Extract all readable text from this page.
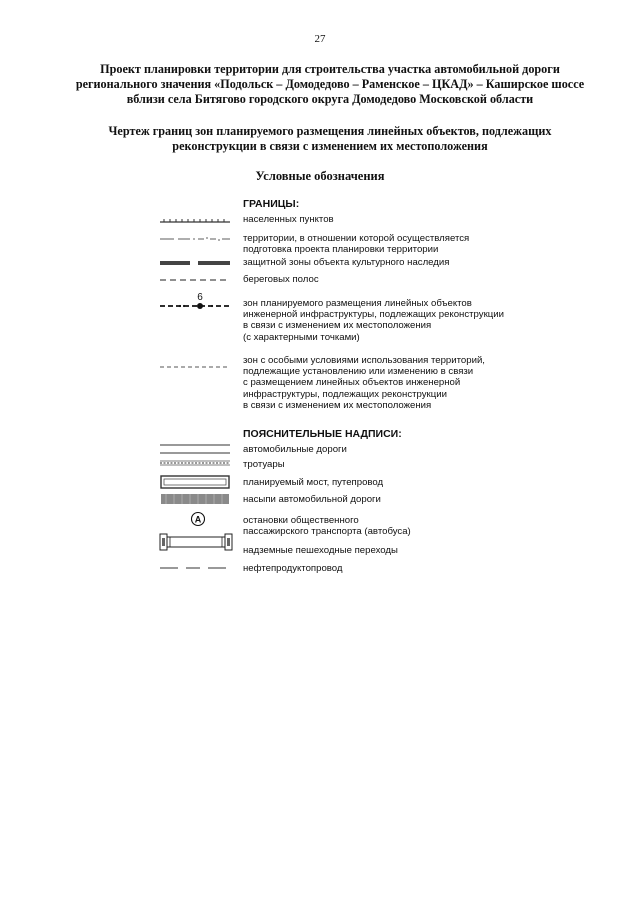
27
Проект планировки территории для строительства участка автомобильной дороги
регионального значения «Подольск – Домодедово – Раменское – ЦКАД» – Каширское шоссе
вблизи села Битягово городского округа Домодедово Московской области
Чертеж границ зон планируемого размещения линейных объектов, подлежащих
реконструкции в связи с изменением их местоположения
Условные обозначения
ГРАНИЦЫ:
населенных пунктов
территории, в отношении которой осуществляется
подготовка проекта планировки территории
защитной зоны объекта культурного наследия
береговых полос
6
зон планируемого размещения линейных объектов
инженерной инфраструктуры, подлежащих реконструкции
в связи с изменением их местоположения
(с характерными точками)
зон с особыми условиями использования территорий,
подлежащие установлению или изменению в связи
с размещением линейных объектов инженерной
инфраструктуры, подлежащих реконструкции
в связи с изменением их местоположения
ПОЯСНИТЕЛЬНЫЕ НАДПИСИ:
автомобильные дороги
тротуары
планируемый мост, путепровод
насыпи автомобильной дороги
А	остановки общественного
пассажирского транспорта (автобуса)
надземные пешеходные переходы
нефтепродуктопровод
